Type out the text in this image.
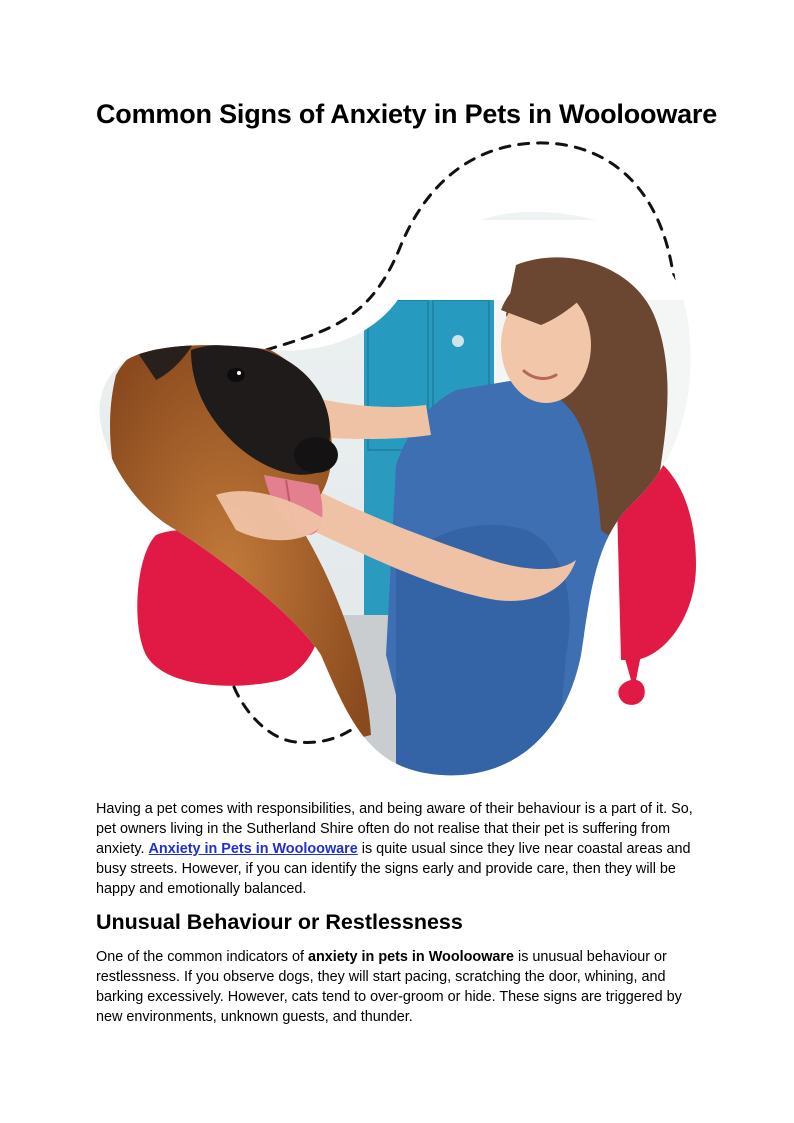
Common Signs of Anxiety in Pets in Woolooware

Having a pet comes with responsibilities, and being aware of their behaviour is a part of it. So, pet owners living in the Sutherland Shire often do not realise that their pet is suffering from anxiety. Anxiety in Pets in Woolooware is quite usual since they live near coastal areas and busy streets. However, if you can identify the signs early and provide care, then they will be happy and emotionally balanced.

Unusual Behaviour or Restlessness

One of the common indicators of anxiety in pets in Woolooware is unusual behaviour or restlessness. If you observe dogs, they will start pacing, scratching the door, whining, and barking excessively. However, cats tend to over-groom or hide. These signs are triggered by new environments, unknown guests, and thunder.
